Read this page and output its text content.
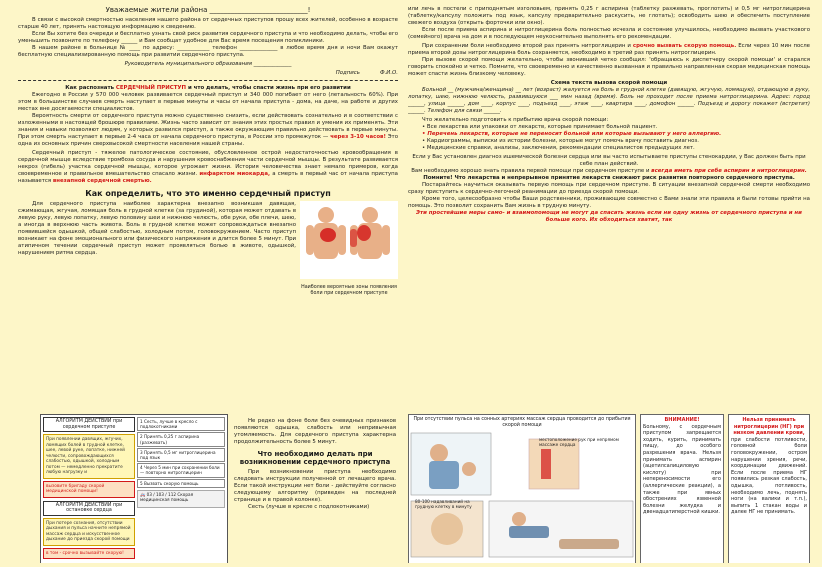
Уважаемые жители района ____________________________!

В связи с высокой смертностью населения нашего района от сердечных приступов прошу всех жителей, особенно в возрасте старше 40 лет, принять настоящую информацию к сведению.

Если Вы хотите без очереди и бесплатно узнать свой риск развития сердечного приступа и что необходимо делать, чтобы его уменьшить позвоните по телефону ______ и Вам сообщат удобное для Вас время посещения поликлиники.

В нашем районе в больнице № ____ по адресу: ____________ телефон ______________ в любое время дня и ночи Вам окажут бесплатную специализированную помощь при развитии сердечного приступа.

Руководитель муниципального образования ______________

Подпись	Ф.И.О.

Как распознать СЕРДЕЧНЫЙ ПРИСТУП и что делать, чтобы спасти жизнь при его развитии

Ежегодно в России у 570 000 человек развивается сердечный приступ и 340 000 погибает от него (летальность 60%). При этом в большинстве случаев смерть наступает в первые минуты и часы от начала приступа - дома, на даче, на работе и других местах вне досягаемости специалистов.

Вероятность смерти от сердечного приступа можно существенно снизить, если действовать сознательно и в соответствии с изложенными в настоящей брошюре правилами. Жизнь часто зависит от знания этих простых правил и умения их применять. Эти знания и навыки позволяют людям, у которых развился приступ, а также окружающим правильно действовать в первые минуты. При этом смерть наступает в первые 2-4 часа от начала сердечного приступа, в России это промежуток — через 3-10 часов! Это одна из основных причин сверхвысокой смертности населения нашей страны.

Сердечный приступ - тяжелое патологическое состояние, обусловленное острой недостаточностью кровообращения в сердечной мышце вследствие тромбоза сосуда и нарушения кровоснабжения части сердечной мышцы. В результате развивается некроз (гибель) участка сердечной мышцы, которое угрожает жизни. История человечества знает немало примеров, когда своевременное и правильное вмешательство спасало жизни. инфарктом миокарда, а смерть в первый час от начала приступа называется внезапной сердечной смертью.

Как определить, что это именно сердечный приступ

Для сердечного приступа наиболее характерна внезапно возникшая давящая, сжимающая, жгучая, ломящая боль в грудной клетке (за грудиной), которая может отдавать в левую руку, левую лопатку, левую половину шеи и нижнюю челюсть, обе руки, обе плечи, шею, а иногда в верхнюю часть живота. Боль в грудной клетке может сопровождаться внезапно появившейся одышкой, общей слабостью, холодным потом, головокружением. Часто приступ возникает на фоне эмоционального или физического напряжения и длится более 5 минут. При атипичном течении сердечный приступ может проявляться болью в животе, одышкой, нарушением ритма сердца.

Наиболее вероятные зоны появления боли при сердечном приступе

АЛГОРИТМ ДЕЙСТВИЙ при сердечном приступе
При появлении давящих, жгучих, ломящих болей в грудной клетке, шее, левой руке, лопатке, нижней челюсти, сопровождающихся слабостью, одышкой, холодным потом — немедленно прекратите любую нагрузку и
вызовите бригаду скорой медицинской помощи!
АЛГОРИТМ ДЕЙСТВИЙ при остановке сердца
При потере сознания, отсутствии дыхания и пульса начните непрямой массаж сердца и искусственное дыхание до приезда скорой помощи
в том - срочно вызывайте скорую!
1 Сесть, лучше в кресло с подлокотниками
2 Принять 0,25 г аспирина (разжевать)
3 Принять 0,5 мг нитроглицерина под язык
4 Через 5 мин при сохранении боли — повторно нитроглицерин
5 Вызвать скорую помощь
🚑 03 / 103 / 112 Скорая медицинская помощь

Не редко на фоне боли без очевидных признаков появляются одышка, слабость или непривычная утомляемость. Для сердечного приступа характерна продолжительность более 5 минут.

Что необходимо делать при возникновении сердечного приступа

При возникновении приступа необходимо следовать инструкции полученной от лечащего врача. Если такой инструкции нет боли - действуйте согласно следующему алгоритму (приведен на последней странице и в правой колонке).

Сесть (лучше в кресле с подлокотниками)

или лечь в постели с приподнятым изголовьем, принять 0,25 г аспирина (таблетку разжевать, проглотить) и 0,5 мг нитроглицерина (таблетку/капсулу положить под язык, капсулу предварительно раскусить, не глотать); освободить шею и обеспечить поступление свежего воздуха (открыть форточки или окно).

Если после приема аспирина и нитроглицерина боль полностью исчезла и состояние улучшилось, необходимо вызвать участкового (семейного) врача на дом и в последующем неукоснительно выполнять его рекомендации.

При сохранении боли необходимо второй раз принять нитроглицерин и срочно вызвать скорую помощь. Если через 10 мин после приема второй дозы нитроглицерина боль сохраняется, необходимо в третий раз принять нитроглицерин.

При вызове скорой помощи желательно, чтобы звонивший четко сообщил: 'обращаюсь к диспетчеру скорой помощи' и старался говорить спокойно и четко. Помните, что своевременно и качественно вызванная и правильно направленная скорая медицинская помощь может спасти жизнь близкому человеку.

Схема текста вызова скорой помощи

Больной __ (мужчина/женщина) __ лет (возраст) жалуется на боль в грудной клетке (давящую, жгучую, ломящую), отдающую в руку, лопатку, шею, нижнюю челюсть, развившуюся ___ мин назад (время). Боль не проходит после приема нитроглицерина. Адрес: город ______, улица ______, дом ____, корпус ____, подъезд ____, этаж ____, квартира ____, домофон ______. Подъезд и дорогу покажет (встретит) ______. Телефон для связи ______.

Что желательно подготовить к прибытию врача скорой помощи:

• Все лекарства или упаковки от лекарств, которые принимает больной пациент.

• Перечень лекарств, которые не переносит больной или которые вызывают у него аллергию.

• Кардиограммы, выписки из истории болезни, которые могут помочь врачу поставить диагноз.

• Медицинские справки, анализы, заключения, рекомендации специалистов предыдущих лет.

Если у Вас установлен диагноз ишемической болезни сердца или вы часто испытываете приступы стенокардии, у Вас должен быть при себе план действий.

Вам необходимо хорошо знать правила первой помощи при сердечном приступе и всегда иметь при себе аспирин и нитроглицерин.

Помните! Что лекарства и непрерывное принятие лекарств снижают риск развития повторного сердечного приступа.

Постарайтесь научиться оказывать первую помощь при сердечном приступе. В ситуации внезапной сердечной смерти необходимо сразу приступить к сердечно-легочной реанимации до приезда скорой помощи.

Кроме того, целесообразно чтобы Ваши родственники, проживающие совместно с Вами знали эти правила и были готовы прийти на помощь. Это позволит сохранить Вам жизнь в трудную минуту.

Эти простейшие меры само- и взаимопомощи не могут да спасать жизнь если ни одну жизнь от сердечного приступа и ни больше кого. Их обходиться хватит, так

При отсутствии пульса на сонных артериях массаж сердца проводится до прибытия скорой помощи

местоположение рук при непрямом массаже сердца

80-100 надавливаний на грудную клетку в минуту

ВНИМАНИЕ!

Больному, с сердечным приступом запрещается ходить, курить, принимать пищу, до особого разрешения врача. Нельзя принимать аспирин (ацетилсалициловую кислоту) при непереносимости его (аллергические реакции), а также при явных обострениях язвенной болезни желудка и двенадцатиперстной кишки.

Нельзя принимать нитроглицерин (НГ) при низком давлении крови,

при слабости потливости, головной боли головокружении, остром нарушении зрения, речи, координации движений. Если после приема НГ появились резкая слабость, одышка, потливость, необходимо лечь, поднять ноги (на валики и т.п.), выпить 1 стакан воды и далее НГ не принимать.
